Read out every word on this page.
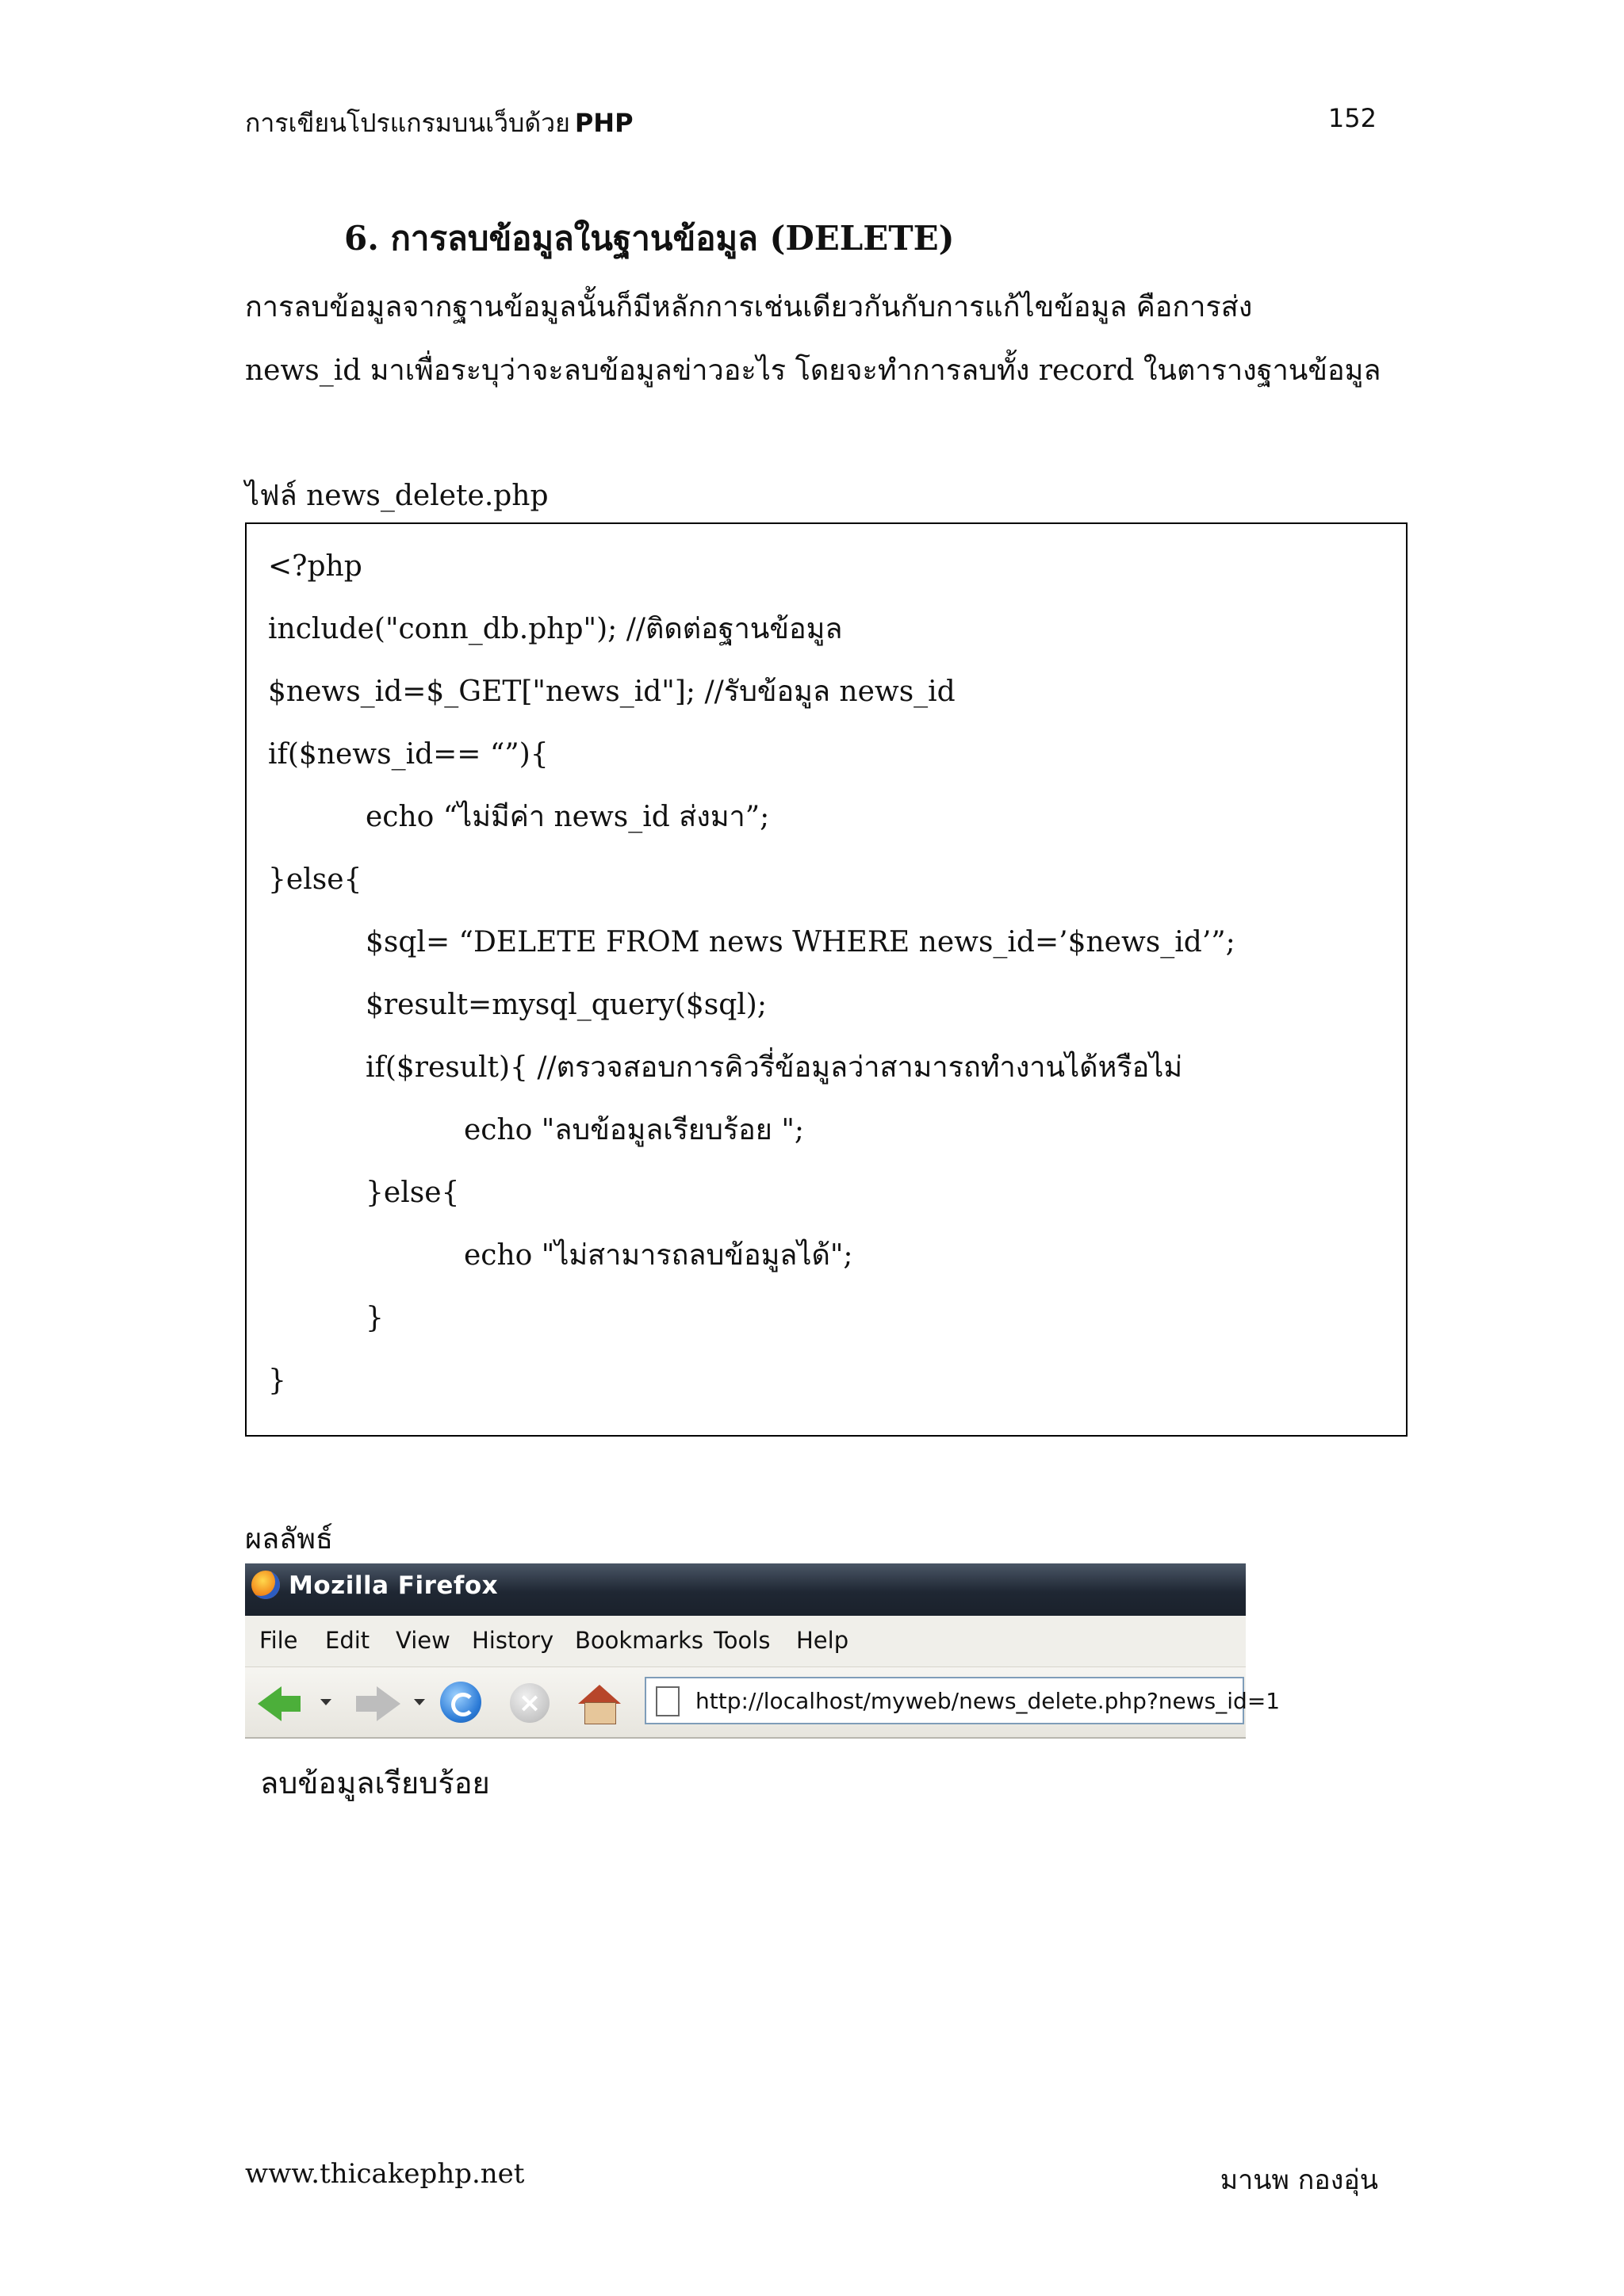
การเขียนโปรแกรมบนเว็บด้วย PHP	152
6. การลบข้อมูลในฐานข้อมูล (DELETE)
การลบข้อมูลจากฐานข้อมูลนั้นก็มีหลักการเช่นเดียวกันกับการแก้ไขข้อมูล คือการส่ง
news_id มาเพื่อระบุว่าจะลบข้อมูลข่าวอะไร โดยจะทำการลบทั้ง record ในตารางฐานข้อมูล
ไฟล์ news_delete.php
<?php
include("conn_db.php"); //ติดต่อฐานข้อมูล
$news_id=$_GET["news_id"]; //รับข้อมูล news_id
if($news_id== “”){
echo “ไม่มีค่า news_id ส่งมา”;
}else{
$sql= “DELETE FROM news WHERE news_id=’$news_id’”;
$result=mysql_query($sql);
if($result){ //ตรวจสอบการคิวรี่ข้อมูลว่าสามารถทำงานได้หรือไม่
echo "ลบข้อมูลเรียบร้อย ";
}else{
echo "ไม่สามารถลบข้อมูลได้";
}
}
ผลลัพธ์
Mozilla Firefox
File Edit View History Bookmarks Tools Help
×	http://localhost/myweb/news_delete.php?news_id=1
ลบข้อมูลเรียบร้อย
www.thicakephp.net	มานพ กองอุ่น
